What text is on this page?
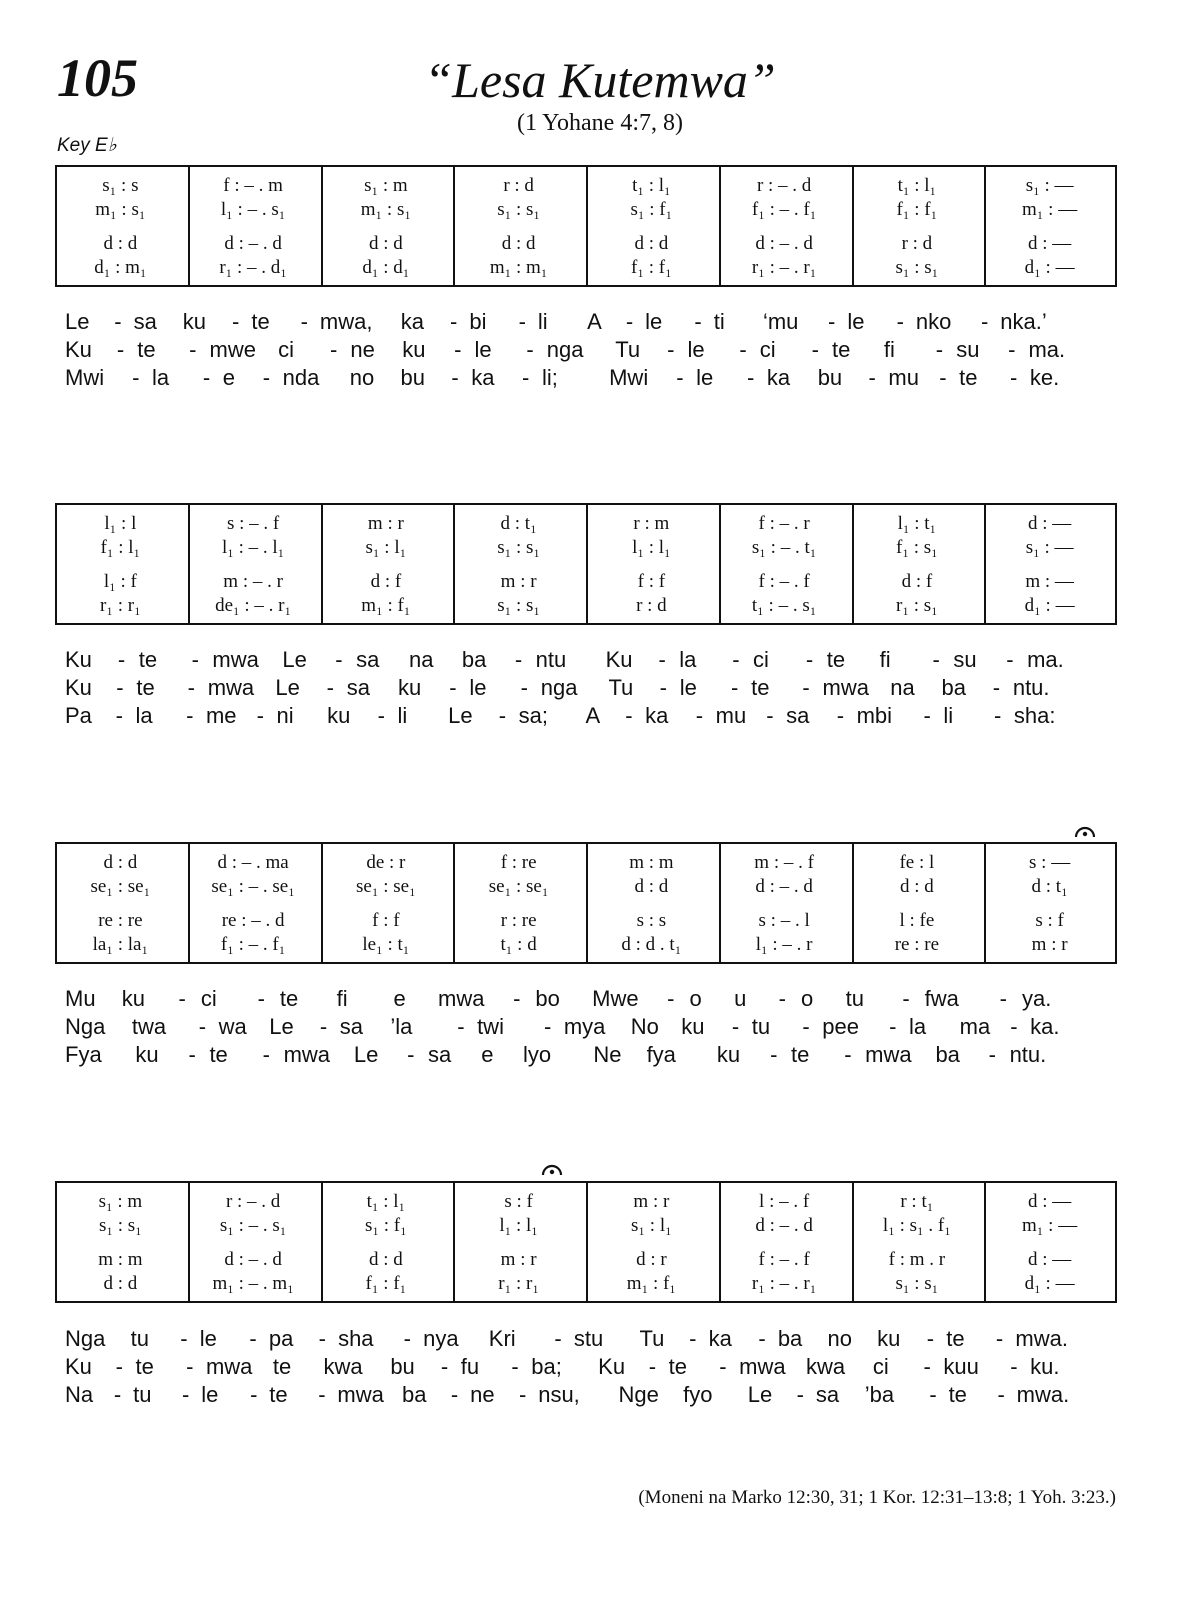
105	“Lesa Kutemwa”
(1 Yohane 4:7, 8)
Key E♭
s₁ : s
m₁ : s₁
d : d
d₁ : m₁
f : – . m
l₁ : – . s₁
d : – . d
r₁ : – . d₁
s₁ : m
m₁ : s₁
d : d
d₁ : d₁
r : d
s₁ : s₁
d : d
m₁ : m₁
t₁ : l₁
s₁ : f₁
d : d
f₁ : f₁
r : – . d
f₁ : – . f₁
d : – . d
r₁ : – . r₁
t₁ : l₁
f₁ : f₁
r : d
s₁ : s₁
s₁ : —
m₁ : —
d : —
d₁ : —
Le - sa ku - te - mwa, ka - bi - li A - le - ti ‘mu - le - nko - nka.’
Ku - te - mwe ci - ne ku - le - nga Tu - le - ci - te fi - su - ma.
Mwi - la - e - nda no bu - ka - li; Mwi - le - ka bu - mu - te - ke.
l₁ : l
f₁ : l₁
l₁ : f
r₁ : r₁
s : – . f
l₁ : – . l₁
m : – . r
de₁ : – . r₁
m : r
s₁ : l₁
d : f
m₁ : f₁
d : t₁
s₁ : s₁
m : r
s₁ : s₁
r : m
l₁ : l₁
f : f
r : d
f : – . r
s₁ : – . t₁
f : – . f
t₁ : – . s₁
l₁ : t₁
f₁ : s₁
d : f
r₁ : s₁
d : —
s₁ : —
m : —
d₁ : —
Ku - te - mwa Le - sa na ba - ntu Ku - la - ci - te fi - su - ma.
Ku - te - mwa Le - sa ku - le - nga Tu - le - te - mwa na ba - ntu.
Pa - la - me - ni ku - li Le - sa; A - ka - mu - sa - mbi - li - sha:
d : d
se₁ : se₁
re : re
la₁ : la₁
d : – . ma
se₁ : – . se₁
re : – . d
f₁ : – . f₁
de : r
se₁ : se₁
f : f
le₁ : t₁
f : re
se₁ : se₁
r : re
t₁ : d
m : m
d : d
s : s
d : d . t₁
m : – . f
d : – . d
s : – . l
l₁ : – . r
fe : l
d : d
l : fe
re : re
s : —
d : t₁
s : f
m : r
Mu ku - ci - te fi e mwa - bo Mwe - o u - o tu - fwa - ya.
Nga twa - wa Le - sa ’la - twi - mya No ku - tu - pee - la ma - ka.
Fya ku - te - mwa Le - sa e lyo Ne fya ku - te - mwa ba - ntu.
s₁ : m
s₁ : s₁
m : m
d : d
r : – . d
s₁ : – . s₁
d : – . d
m₁ : – . m₁
t₁ : l₁
s₁ : f₁
d : d
f₁ : f₁
s : f
l₁ : l₁
m : r
r₁ : r₁
m : r
s₁ : l₁
d : r
m₁ : f₁
l : – . f
d : – . d
f : – . f
r₁ : – . r₁
r : t₁
l₁ : s₁ . f₁
f : m . r
s₁ : s₁
d : —
m₁ : —
d : —
d₁ : —
Nga tu - le - pa - sha - nya Kri - stu Tu - ka - ba no ku - te - mwa.
Ku - te - mwa te kwa bu - fu - ba; Ku - te - mwa kwa ci - kuu - ku.
Na - tu - le - te - mwa ba - ne - nsu, Nge fyo Le - sa ’ba - te - mwa.
(Moneni na Marko 12:30, 31; 1 Kor. 12:31–13:8; 1 Yoh. 3:23.)
